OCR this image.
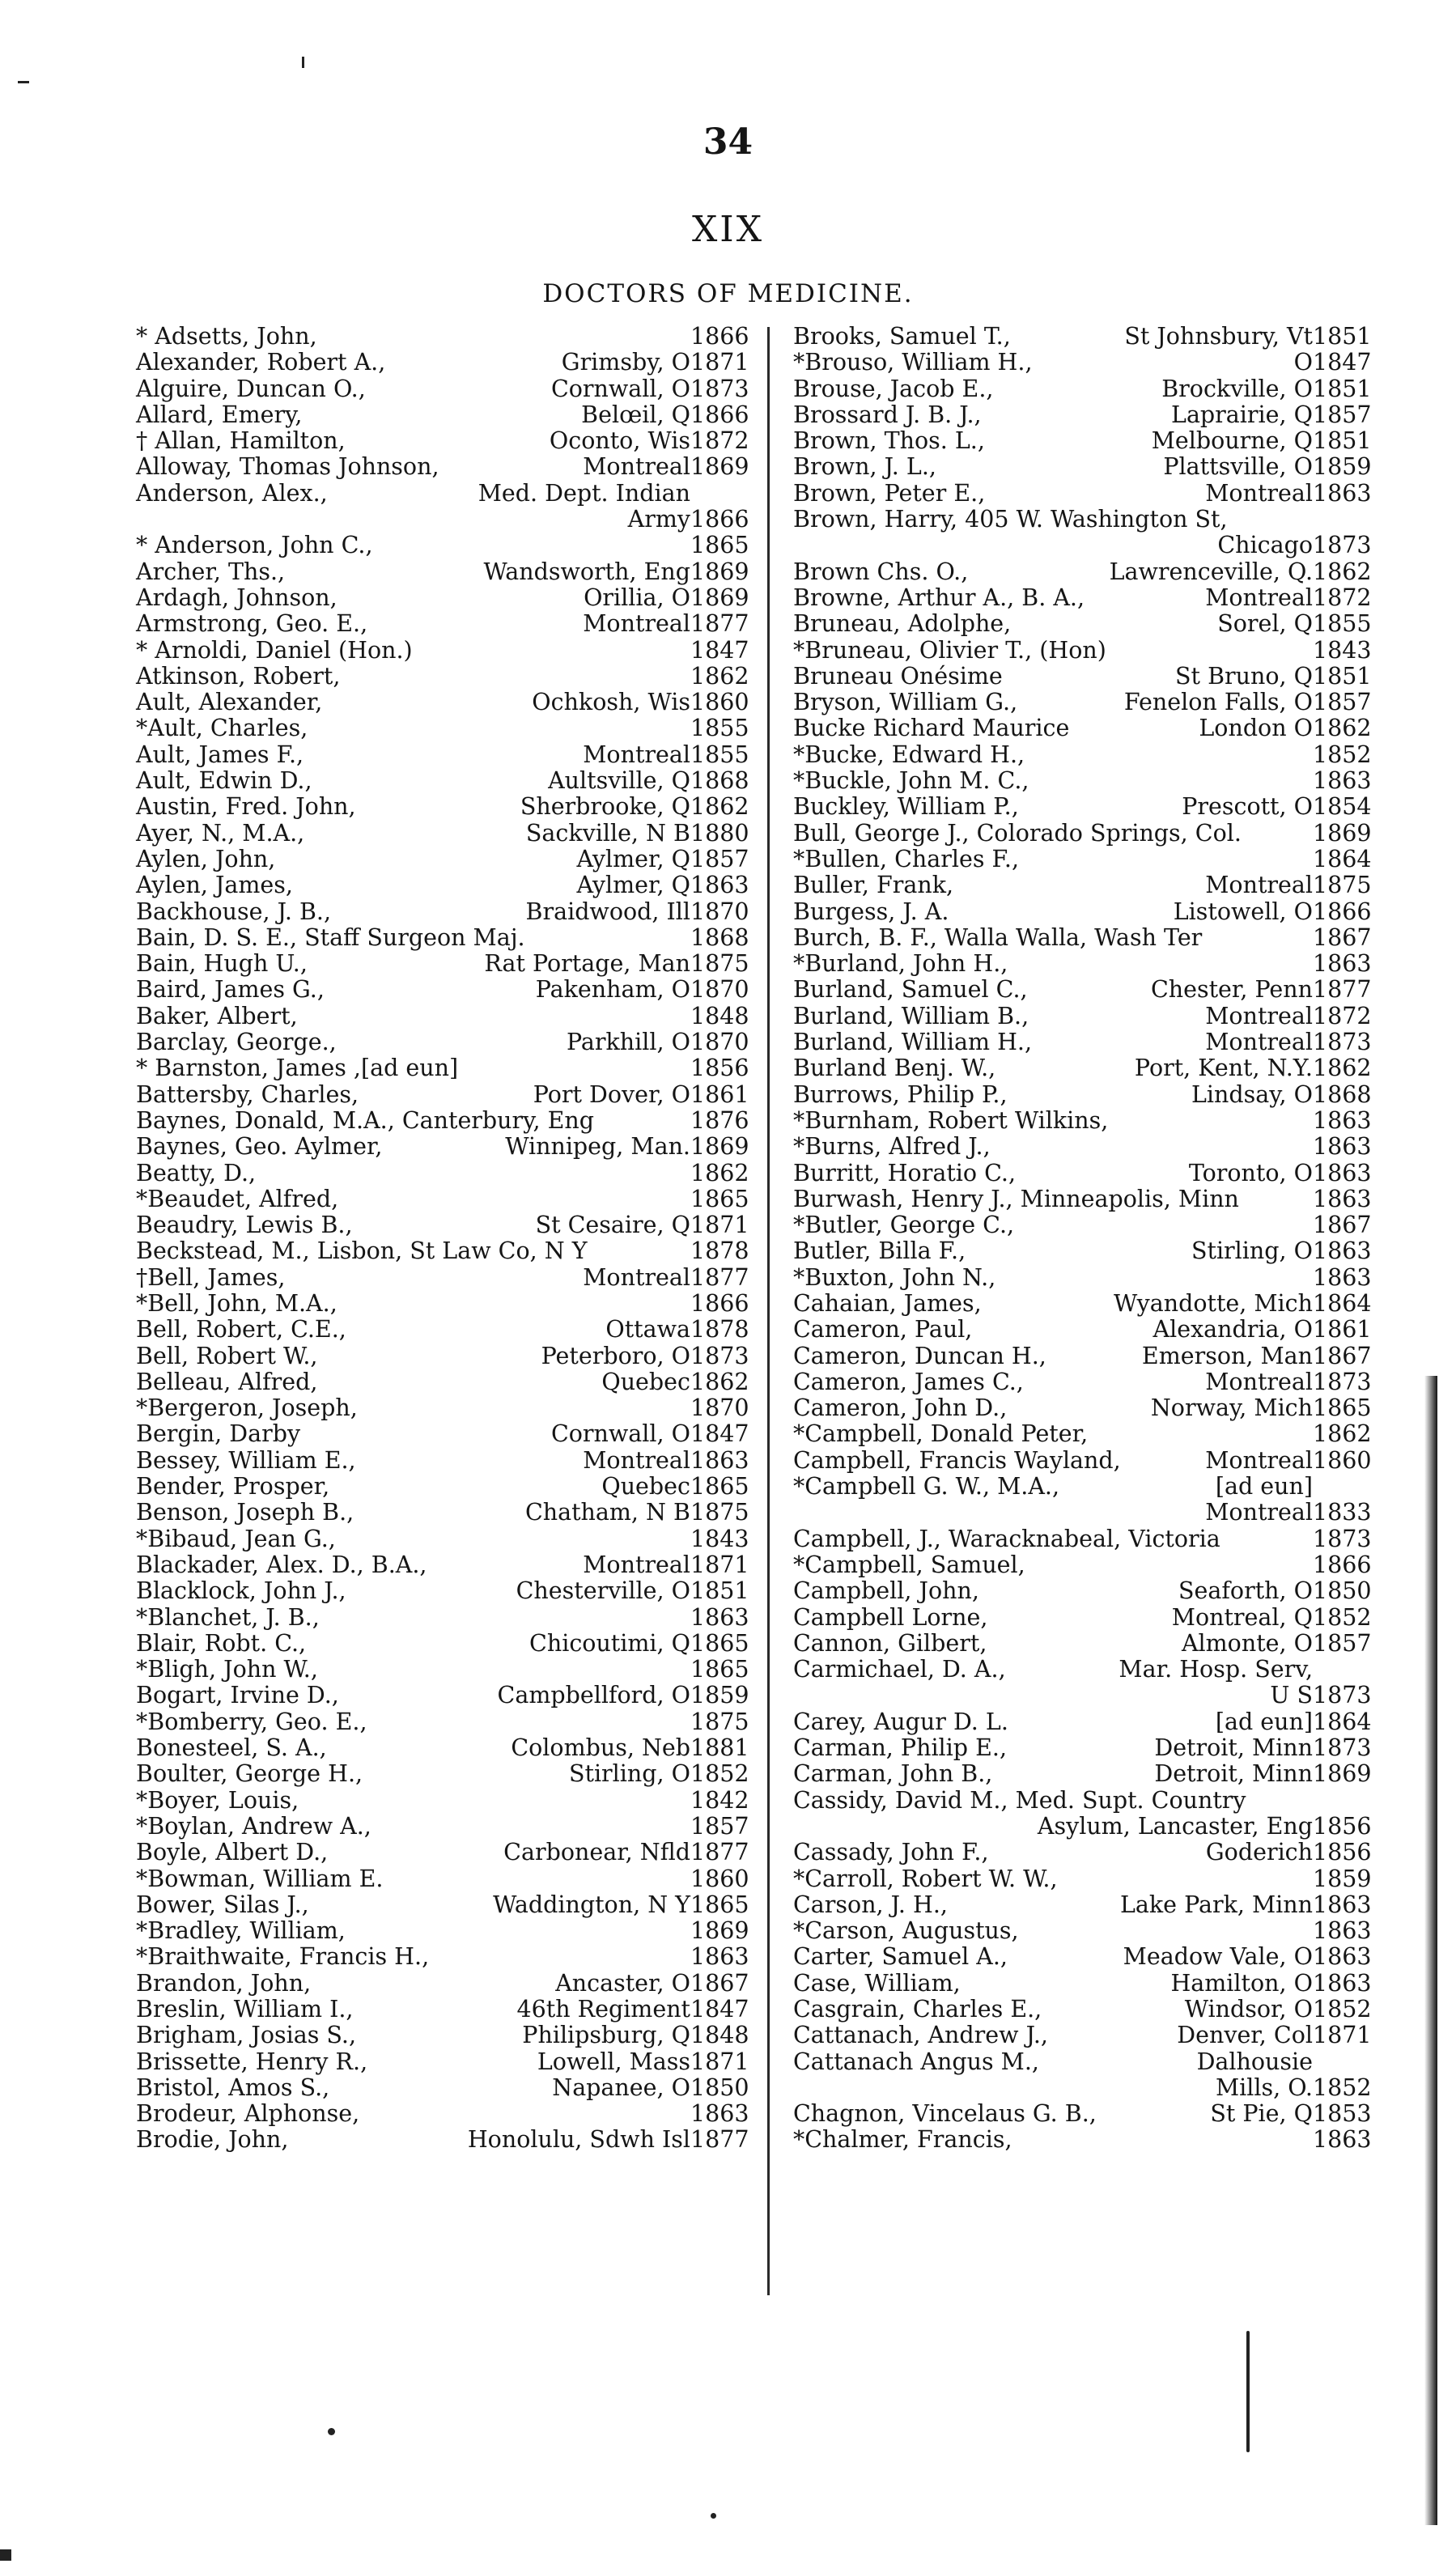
34
XIX
DOCTORS OF MEDICINE.
* Adsetts, John,	1866
Alexander, Robert A.,	Grimsby, O 1871
Alguire, Duncan O.,	Cornwall, O 1873
Allard, Emery,	Belœil, Q 1866
† Allan, Hamilton,	Oconto, Wis 1872
Alloway, Thomas Johnson,	Montreal 1869
Anderson, Alex.,	Med. Dept. Indian
Army 1866
* Anderson, John C.,	1865
Archer, Ths.,	Wandsworth, Eng 1869
Ardagh, Johnson,	Orillia, O 1869
Armstrong, Geo. E.,	Montreal 1877
* Arnoldi, Daniel (Hon.)	1847
Atkinson, Robert,	1862
Ault, Alexander,	Ochkosh, Wis 1860
*Ault, Charles,	1855
Ault, James F.,	Montreal 1855
Ault, Edwin D.,	Aultsville, Q 1868
Austin, Fred. John,	Sherbrooke, Q 1862
Ayer, N., M.A.,	Sackville, N B 1880
Aylen, John,	Aylmer, Q 1857
Aylen, James,	Aylmer, Q 1863
Backhouse, J. B.,	Braidwood, Ill 1870
Bain, D. S. E., Staff Surgeon Maj.	1868
Bain, Hugh U.,	Rat Portage, Man 1875
Baird, James G.,	Pakenham, O 1870
Baker, Albert,	1848
Barclay, George.,	Parkhill, O 1870
* Barnston, James ,[ad eun]	1856
Battersby, Charles,	Port Dover, O 1861
Baynes, Donald, M.A., Canterbury, Eng	1876
Baynes, Geo. Aylmer,	Winnipeg, Man. 1869
Beatty, D.,	1862
*Beaudet, Alfred,	1865
Beaudry, Lewis B.,	St Cesaire, Q 1871
Beckstead, M., Lisbon, St Law Co, N Y	1878
†Bell, James,	Montreal 1877
*Bell, John, M.A.,	1866
Bell, Robert, C.E.,	Ottawa 1878
Bell, Robert W.,	Peterboro, O 1873
Belleau, Alfred,	Quebec 1862
*Bergeron, Joseph,	1870
Bergin, Darby	Cornwall, O 1847
Bessey, William E.,	Montreal 1863
Bender, Prosper,	Quebec 1865
Benson, Joseph B.,	Chatham, N B 1875
*Bibaud, Jean G.,	1843
Blackader, Alex. D., B.A.,	Montreal 1871
Blacklock, John J.,	Chesterville, O 1851
*Blanchet, J. B.,	1863
Blair, Robt. C.,	Chicoutimi, Q 1865
*Bligh, John W.,	1865
Bogart, Irvine D.,	Campbellford, O 1859
*Bomberry, Geo. E.,	1875
Bonesteel, S. A.,	Colombus, Neb 1881
Boulter, George H.,	Stirling, O 1852
*Boyer, Louis,	1842
*Boylan, Andrew A.,	1857
Boyle, Albert D.,	Carbonear, Nfld 1877
*Bowman, William E.	1860
Bower, Silas J.,	Waddington, N Y 1865
*Bradley, William,	1869
*Braithwaite, Francis H.,	1863
Brandon, John,	Ancaster, O 1867
Breslin, William I.,	46th Regiment 1847
Brigham, Josias S.,	Philipsburg, Q 1848
Brissette, Henry R.,	Lowell, Mass 1871
Bristol, Amos S.,	Napanee, O 1850
Brodeur, Alphonse,	1863
Brodie, John,	Honolulu, Sdwh Isl 1877
Brooks, Samuel T.,	St Johnsbury, Vt 1851
*Brouso, William H.,	O 1847
Brouse, Jacob E.,	Brockville, O 1851
Brossard J. B. J.,	Laprairie, Q 1857
Brown, Thos. L.,	Melbourne, Q 1851
Brown, J. L.,	Plattsville, O 1859
Brown, Peter E.,	Montreal 1863
Brown, Harry, 405 W. Washington St,
Chicago 1873
Brown Chs. O.,	Lawrenceville, Q. 1862
Browne, Arthur A., B. A.,	Montreal 1872
Bruneau, Adolphe,	Sorel, Q 1855
*Bruneau, Olivier T., (Hon)	1843
Bruneau Onésime	St Bruno, Q 1851
Bryson, William G.,	Fenelon Falls, O 1857
Bucke Richard Maurice	London O 1862
*Bucke, Edward H.,	1852
*Buckle, John M. C.,	1863
Buckley, William P.,	Prescott, O 1854
Bull, George J., Colorado Springs, Col.	1869
*Bullen, Charles F.,	1864
Buller, Frank,	Montreal 1875
Burgess, J. A.	Listowell, O 1866
Burch, B. F., Walla Walla, Wash Ter	1867
*Burland, John H.,	1863
Burland, Samuel C.,	Chester, Penn 1877
Burland, William B.,	Montreal 1872
Burland, William H.,	Montreal 1873
Burland Benj. W.,	Port, Kent, N.Y. 1862
Burrows, Philip P.,	Lindsay, O 1868
*Burnham, Robert Wilkins,	1863
*Burns, Alfred J.,	1863
Burritt, Horatio C.,	Toronto, O 1863
Burwash, Henry J., Minneapolis, Minn	1863
*Butler, George C.,	1867
Butler, Billa F.,	Stirling, O 1863
*Buxton, John N.,	1863
Cahaian, James,	Wyandotte, Mich 1864
Cameron, Paul,	Alexandria, O 1861
Cameron, Duncan H.,	Emerson, Man 1867
Cameron, James C.,	Montreal 1873
Cameron, John D.,	Norway, Mich 1865
*Campbell, Donald Peter,	1862
Campbell, Francis Wayland,	Montreal 1860
*Campbell G. W., M.A.,	[ad eun]
Montreal 1833
Campbell, J., Waracknabeal, Victoria	1873
*Campbell, Samuel,	1866
Campbell, John,	Seaforth, O 1850
Campbell Lorne,	Montreal, Q 1852
Cannon, Gilbert,	Almonte, O 1857
Carmichael, D. A.,	Mar. Hosp. Serv,
U S 1873
Carey, Augur D. L.	[ad eun] 1864
Carman, Philip E.,	Detroit, Minn 1873
Carman, John B.,	Detroit, Minn 1869
Cassidy, David M., Med. Supt. Country
Asylum, Lancaster, Eng 1856
Cassady, John F.,	Goderich 1856
*Carroll, Robert W. W.,	1859
Carson, J. H.,	Lake Park, Minn 1863
*Carson, Augustus,	1863
Carter, Samuel A.,	Meadow Vale, O 1863
Case, William,	Hamilton, O 1863
Casgrain, Charles E.,	Windsor, O 1852
Cattanach, Andrew J.,	Denver, Col 1871
Cattanach Angus M.,	Dalhousie
Mills, O. 1852
Chagnon, Vincelaus G. B.,	St Pie, Q 1853
*Chalmer, Francis,	1863
